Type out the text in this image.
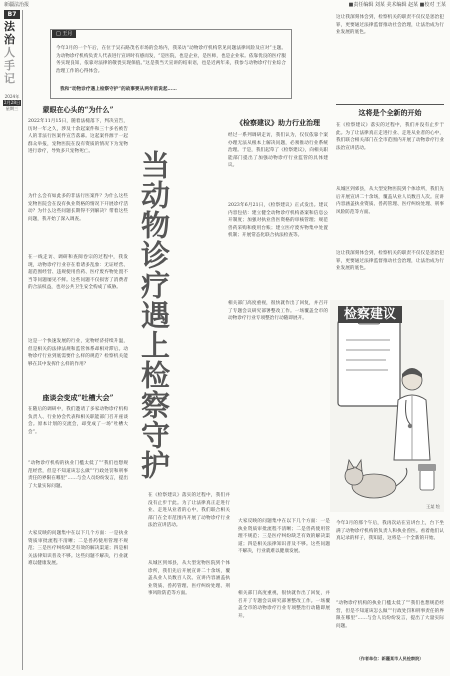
新疆法治报	■责任编辑 刘某 美术编辑 赵某 ■校对 王某
B7
法
治
人
手
记
2024年
2月28日
星期三
□ 王月
今年3月的一个午后，在位于吴石路茂名市场的会场内，我采访“动物诊疗机构常见问题法律风险及应对”主题。为动物诊疗机构负责人代表进行宣讲时有感而发，“是医院，也是企业，是医师，也是企业家。依靠优良的医疗服务实现良知，依靠对法律的敬畏实现保值。”这是我当天宣讲的结束语，也是近两年来，我参与动物诊疗行业综合治理工作的心得体会。
我和“动物诊疗遇上检察守护”的故事要从两年前说起……
这让我深刻体会到，检察机关的职责不仅仅是惩治犯罪，更要通过法律监督推动社会治理，让法治成为行业发展的底色。
蒙眼在心头的“为什么”
2022年11月15日，随着法槌落下，判决宣告，历时一年之久，涉及十余起案件和三十多名被告人的非法行医案件宣告落幕。这起案件源于一起群众举报，宠物医院在没有资质的情况下为宠物进行诊疗，导致多只宠物死亡。
为什么会有如此多的非法行医案件？为什么这些宠物医院会在没有执业资格的情况下开展诊疗活动？为什么这些问题长期得不到解决？带着这些问题，我开始了深入调查。
在一线走访、调研和查阅卷宗的过程中，我发现，动物诊疗行业存在着诸多乱象：无证经营、超范围经营、违规使用兽药、医疗废弃物处置不当等问题屡见不鲜。这些问题不仅损害了消费者的合法权益，也对公共卫生安全构成了威胁。
这是一个快速发展的行业，宠物经济持续升温，但是相关的法律法规和监管体系却相对滞后。动物诊疗行业到底需要什么样的规范？检察机关能够在其中发挥什么样的作用？
座谈会变成“吐槽大会”
在随后的调研中，我们邀请了多家动物诊疗机构负责人、行业协会代表和相关职能部门召开座谈会。原本计划的交流会，却变成了一场“吐槽大会”。
“动物诊疗机构的执业门槛太低了”“我们也想规范经营，但是不知道该怎么做”“行政处罚和刑事责任的界限在哪里”……与会人员纷纷发言，提出了大量实际问题。
大家反映的问题集中在以下几个方面：一是执业资质审批流程不清晰；二是兽药使用管理不规范；三是医疗纠纷缺乏有效的解决渠道；四是相关法律知识普及不够。这些问题不解决，行业就难以健康发展。
当动物诊疗遇上检察守护
《检察建议》助力行业治理
经过一系列调研走访，我们认为，仅仅依靠个案办理无法从根本上解决问题，必须推动行业系统治理。于是，我们起草了《检察建议》，向相关职能部门提出了加强动物诊疗行业监管的具体建议。
2023年6月21日，《检察建议》正式发出。建议内容包括：建立健全动物诊疗机构备案和信息公开制度；加强对执业兽医资格的审核管理；规范兽药采购和使用台账；建立医疗废弃物集中处置机制；开展常态化联合执法检查等。
相关部门高度重视，很快就作出了回复，并召开了专题会议研究部署整改工作。一场覆盖全市的动物诊疗行业专项整治行动随即展开。
在《检察建议》落实的过程中，我们并没有止步于此。为了让法律真正走进行业、走进从业者的心中，我们联合相关部门在全市范围内开展了动物诊疗行业法治宣讲活动。
从城区到郊县，从大型宠物医院到个体诊所，我们先后开展宣讲二十余场，覆盖从业人员数百人次。宣讲内容涵盖执业资质、兽药管理、医疗纠纷处理、刑事风险防范等方面。
大家反映的问题集中在以下几个方面：一是执业资质审批流程不清晰；二是兽药使用管理不规范；三是医疗纠纷缺乏有效的解决渠道；四是相关法律知识普及不够。这些问题不解决，行业就难以健康发展。
相关部门高度重视，很快就作出了回复，并召开了专题会议研究部署整改工作。一场覆盖全市的动物诊疗行业专项整治行动随即展开。
检察建议
王某 绘
这将是个全新的开始
在《检察建议》落实的过程中，我们并没有止步于此。为了让法律真正走进行业、走进从业者的心中，我们联合相关部门在全市范围内开展了动物诊疗行业法治宣讲活动。
从城区到郊县，从大型宠物医院到个体诊所，我们先后开展宣讲二十余场，覆盖从业人员数百人次。宣讲内容涵盖执业资质、兽药管理、医疗纠纷处理、刑事风险防范等方面。
这让我深刻体会到，检察机关的职责不仅仅是惩治犯罪，更要通过法律监督推动社会治理，让法治成为行业发展的底色。
今年3月的那个午后，我再次站在宣讲台上，台下坐满了动物诊疗机构的负责人和执业兽医。看着他们认真记录的样子，我知道，这将是一个全新的开始。
“动物诊疗机构的执业门槛太低了”“我们也想规范经营，但是不知道该怎么做”“行政处罚和刑事责任的界限在哪里”……与会人员纷纷发言，提出了大量实际问题。
（作者单位：新疆某市人民检察院）
